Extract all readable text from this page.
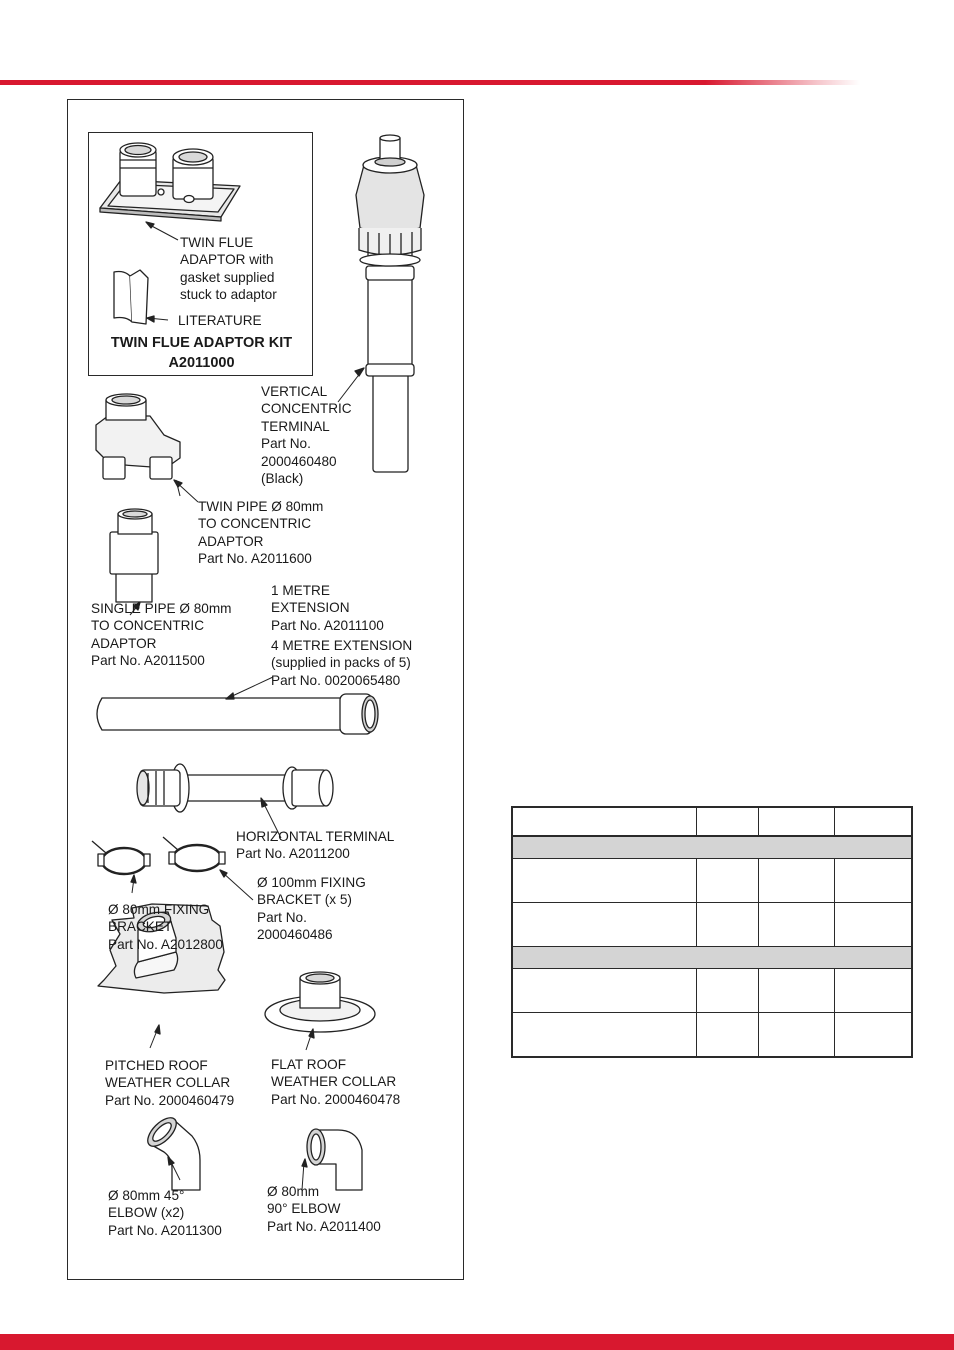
TWIN FLUE
ADAPTOR with
gasket supplied
stuck to adaptor
LITERATURE
TWIN FLUE ADAPTOR KIT
A2011000
VERTICAL
CONCENTRIC
TERMINAL
Part No.
2000460480
(Black)
TWIN PIPE Ø 80mm
TO CONCENTRIC
ADAPTOR
Part No. A2011600
SINGLE PIPE Ø 80mm
TO CONCENTRIC
ADAPTOR
Part No. A2011500
1 METRE
EXTENSION
Part No. A2011100
4 METRE EXTENSION
(supplied in packs of 5)
Part No. 0020065480
HORIZONTAL TERMINAL
Part No. A2011200
Ø 80mm FIXING
BRACKET
Part No. A2012800
Ø 100mm FIXING
BRACKET (x 5)
Part No.
2000460486
PITCHED ROOF
WEATHER COLLAR
Part No. 2000460479
FLAT ROOF
WEATHER COLLAR
Part No. 2000460478
Ø 80mm 45°
ELBOW (x2)
Part No. A2011300
Ø 80mm
90° ELBOW
Part No. A2011400
